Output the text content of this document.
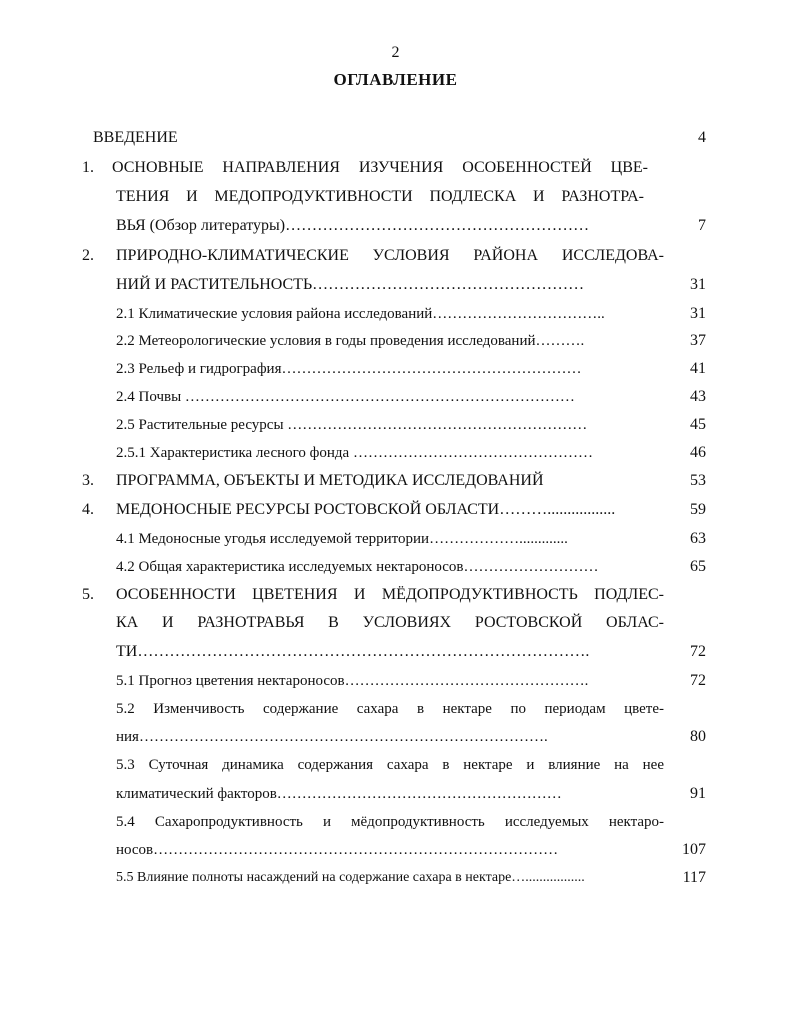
2
ОГЛАВЛЕНИЕ
ВВЕДЕНИЕ	4
1. ОСНОВНЫЕ НАПРАВЛЕНИЯ ИЗУЧЕНИЯ ОСОБЕННОСТЕЙ ЦВЕ-
ТЕНИЯ И МЕДОПРОДУКТИВНОСТИ ПОДЛЕСКА И РАЗНОТРА-
ВЬЯ (Обзор литературы)…………………………………………………	7
2. ПРИРОДНО-КЛИМАТИЧЕСКИЕ УСЛОВИЯ РАЙОНА ИССЛЕДОВА-
НИЙ И РАСТИТЕЛЬНОСТЬ……………………………………………	31
2.1 Климатические условия района исследований……………………………..	31
2.2 Метеорологические условия в годы проведения исследований……….	37
2.3 Рельеф и гидрография……………………………………………………	41
2.4 Почвы ……………………………………………………………………	43
2.5 Растительные ресурсы ……………………………………………………	45
2.5.1 Характеристика лесного фонда …………………………………………	46
3. ПРОГРАММА, ОБЪЕКТЫ И МЕТОДИКА ИССЛЕДОВАНИЙ	53
4. МЕДОНОСНЫЕ РЕСУРСЫ РОСТОВСКОЙ ОБЛАСТИ……….................	59
4.1 Медоносные угодья исследуемой территории……………….............	63
4.2 Общая характеристика исследуемых нектароносов………………………	65
5. ОСОБЕННОСТИ ЦВЕТЕНИЯ И МЁДОПРОДУКТИВНОСТЬ ПОДЛЕС-
КА И РАЗНОТРАВЬЯ В УСЛОВИЯХ РОСТОВСКОЙ ОБЛАС-
ТИ………………………………………………………………………….	72
5.1 Прогноз цветения нектароносов………………………………………….	72
5.2 Изменчивость содержание сахара в нектаре по периодам цвете-
ния……………………………………………………………………….	80
5.3 Суточная динамика содержания сахара в нектаре и влияние на нее
климатический факторов…………………………………………………	91
5.4 Сахаропродуктивность и мёдопродуктивность исследуемых нектаро-
носов………………………………………………………………………	107
5.5 Влияние полноты насаждений на содержание сахара в нектаре….................	117
